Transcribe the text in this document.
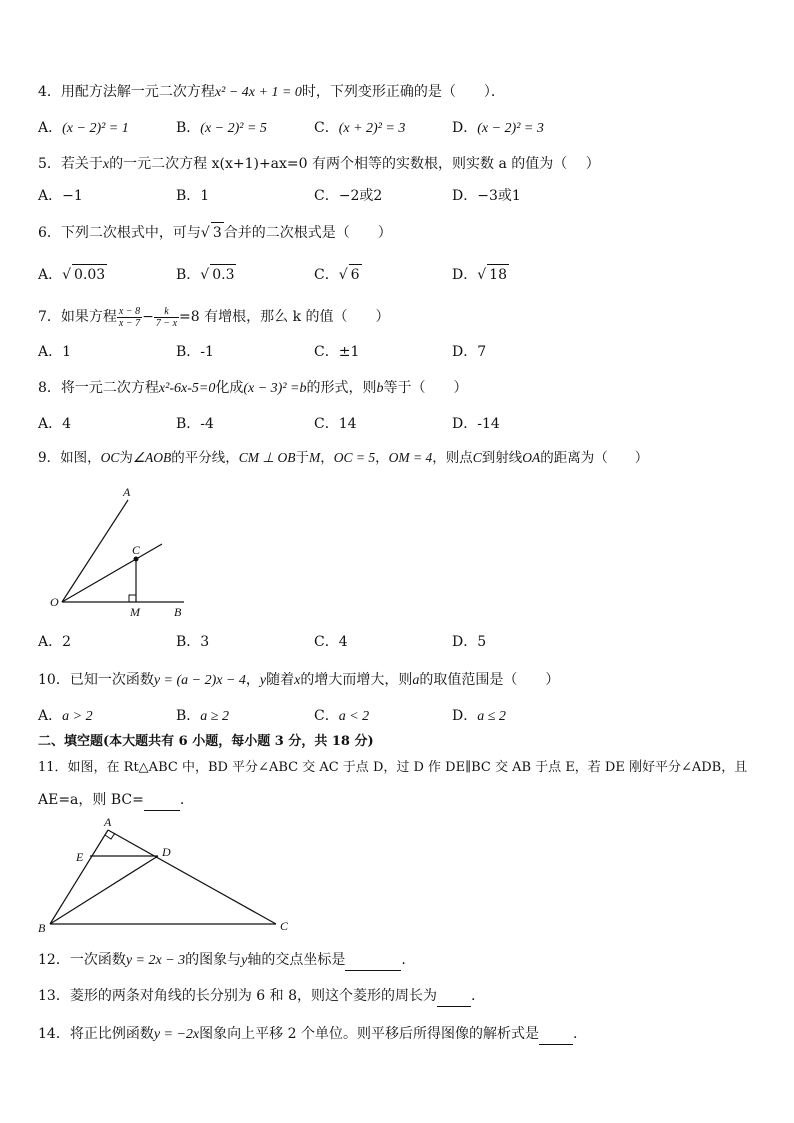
4．用配方法解一元二次方程x² − 4x + 1 = 0时，下列变形正确的是（　　）．
A．(x − 2)² = 1	B．(x − 2)² = 5	C．(x + 2)² = 3	D．(x − 2)² = 3
5．若关于x的一元二次方程 x(x+1)+ax=0 有两个相等的实数根，则实数 a 的值为（　 ）
A．−1	B．1	C．−2或2	D．−3或1
6．下列二次根式中，可与√ 3 合并的二次根式是（　　）
A．√ 0.03	B．√ 0.3	C．√ 6	D．√ 18
7．如果方程 $\frac{x - 8}{x - 7} - \frac{k}{7 - x} =8$ 有增根，那么 k 的值（　　）
A．1	B．-1	C．±1	D．7
8．将一元二次方程x²-6x-5=0化成(x − 3)² =b的形式，则b等于（　　）
A．4	B．-4	C．14	D．-14
9．如图，OC为∠AOB的平分线，CM ⊥ OB于M，OC = 5，OM = 4，则点C到射线OA的距离为（　　）
A
C
O
M	B
A．2	B．3	C．4	D．5
10．已知一次函数y = (a − 2)x − 4，y随着x的增大而增大，则a的取值范围是（　　）
A．a > 2	B．a ≥ 2	C．a < 2	D．a ≤ 2
二、填空题(本大题共有 6 小题，每小题 3 分，共 18 分)
11．如图，在 Rt△ABC 中，BD 平分∠ABC 交 AC 于点 D，过 D 作 DE∥BC 交 AB 于点 E，若 DE 刚好平分∠ADB，且
AE=a，则 BC=	.
A
E	D
B	C
12．一次函数y = 2x − 3的图象与y轴的交点坐标是	.
13．菱形的两条对角线的长分别为 6 和 8，则这个菱形的周长为 .
14．将正比例函数y = −2x图象向上平移 2 个单位。则平移后所得图像的解析式是 .
